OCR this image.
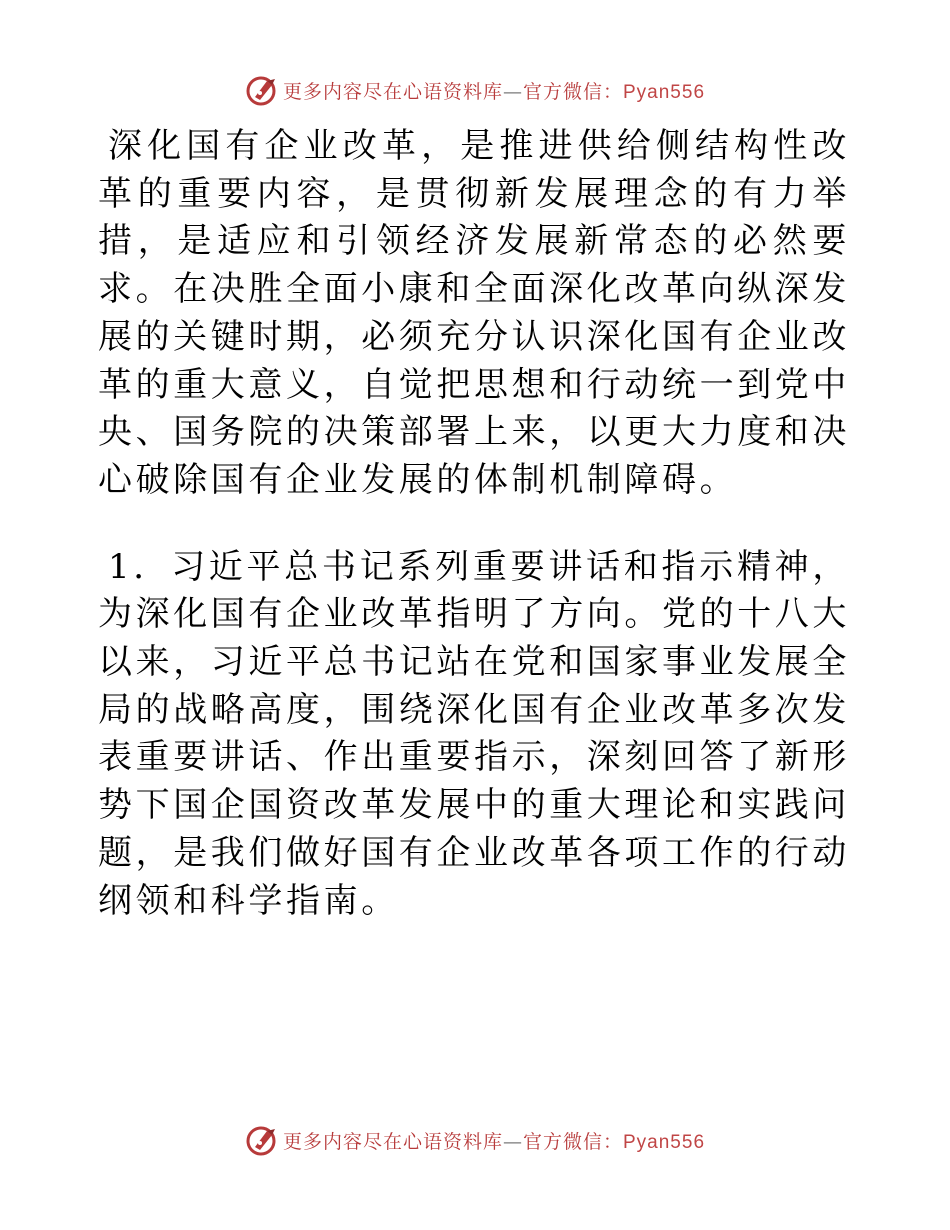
更多内容尽在心语资料库—官方微信：Pyan556

深化国有企业改革，是推进供给侧结构性改革的重要内容，是贯彻新发展理念的有力举措，是适应和引领经济发展新常态的必然要求。在决胜全面小康和全面深化改革向纵深发展的关键时期，必须充分认识深化国有企业改革的重大意义，自觉把思想和行动统一到党中央、国务院的决策部署上来，以更大力度和决心破除国有企业发展的体制机制障碍。

1．习近平总书记系列重要讲话和指示精神，为深化国有企业改革指明了方向。党的十八大以来，习近平总书记站在党和国家事业发展全局的战略高度，围绕深化国有企业改革多次发表重要讲话、作出重要指示，深刻回答了新形势下国企国资改革发展中的重大理论和实践问题，是我们做好国有企业改革各项工作的行动纲领和科学指南。

更多内容尽在心语资料库—官方微信：Pyan556
